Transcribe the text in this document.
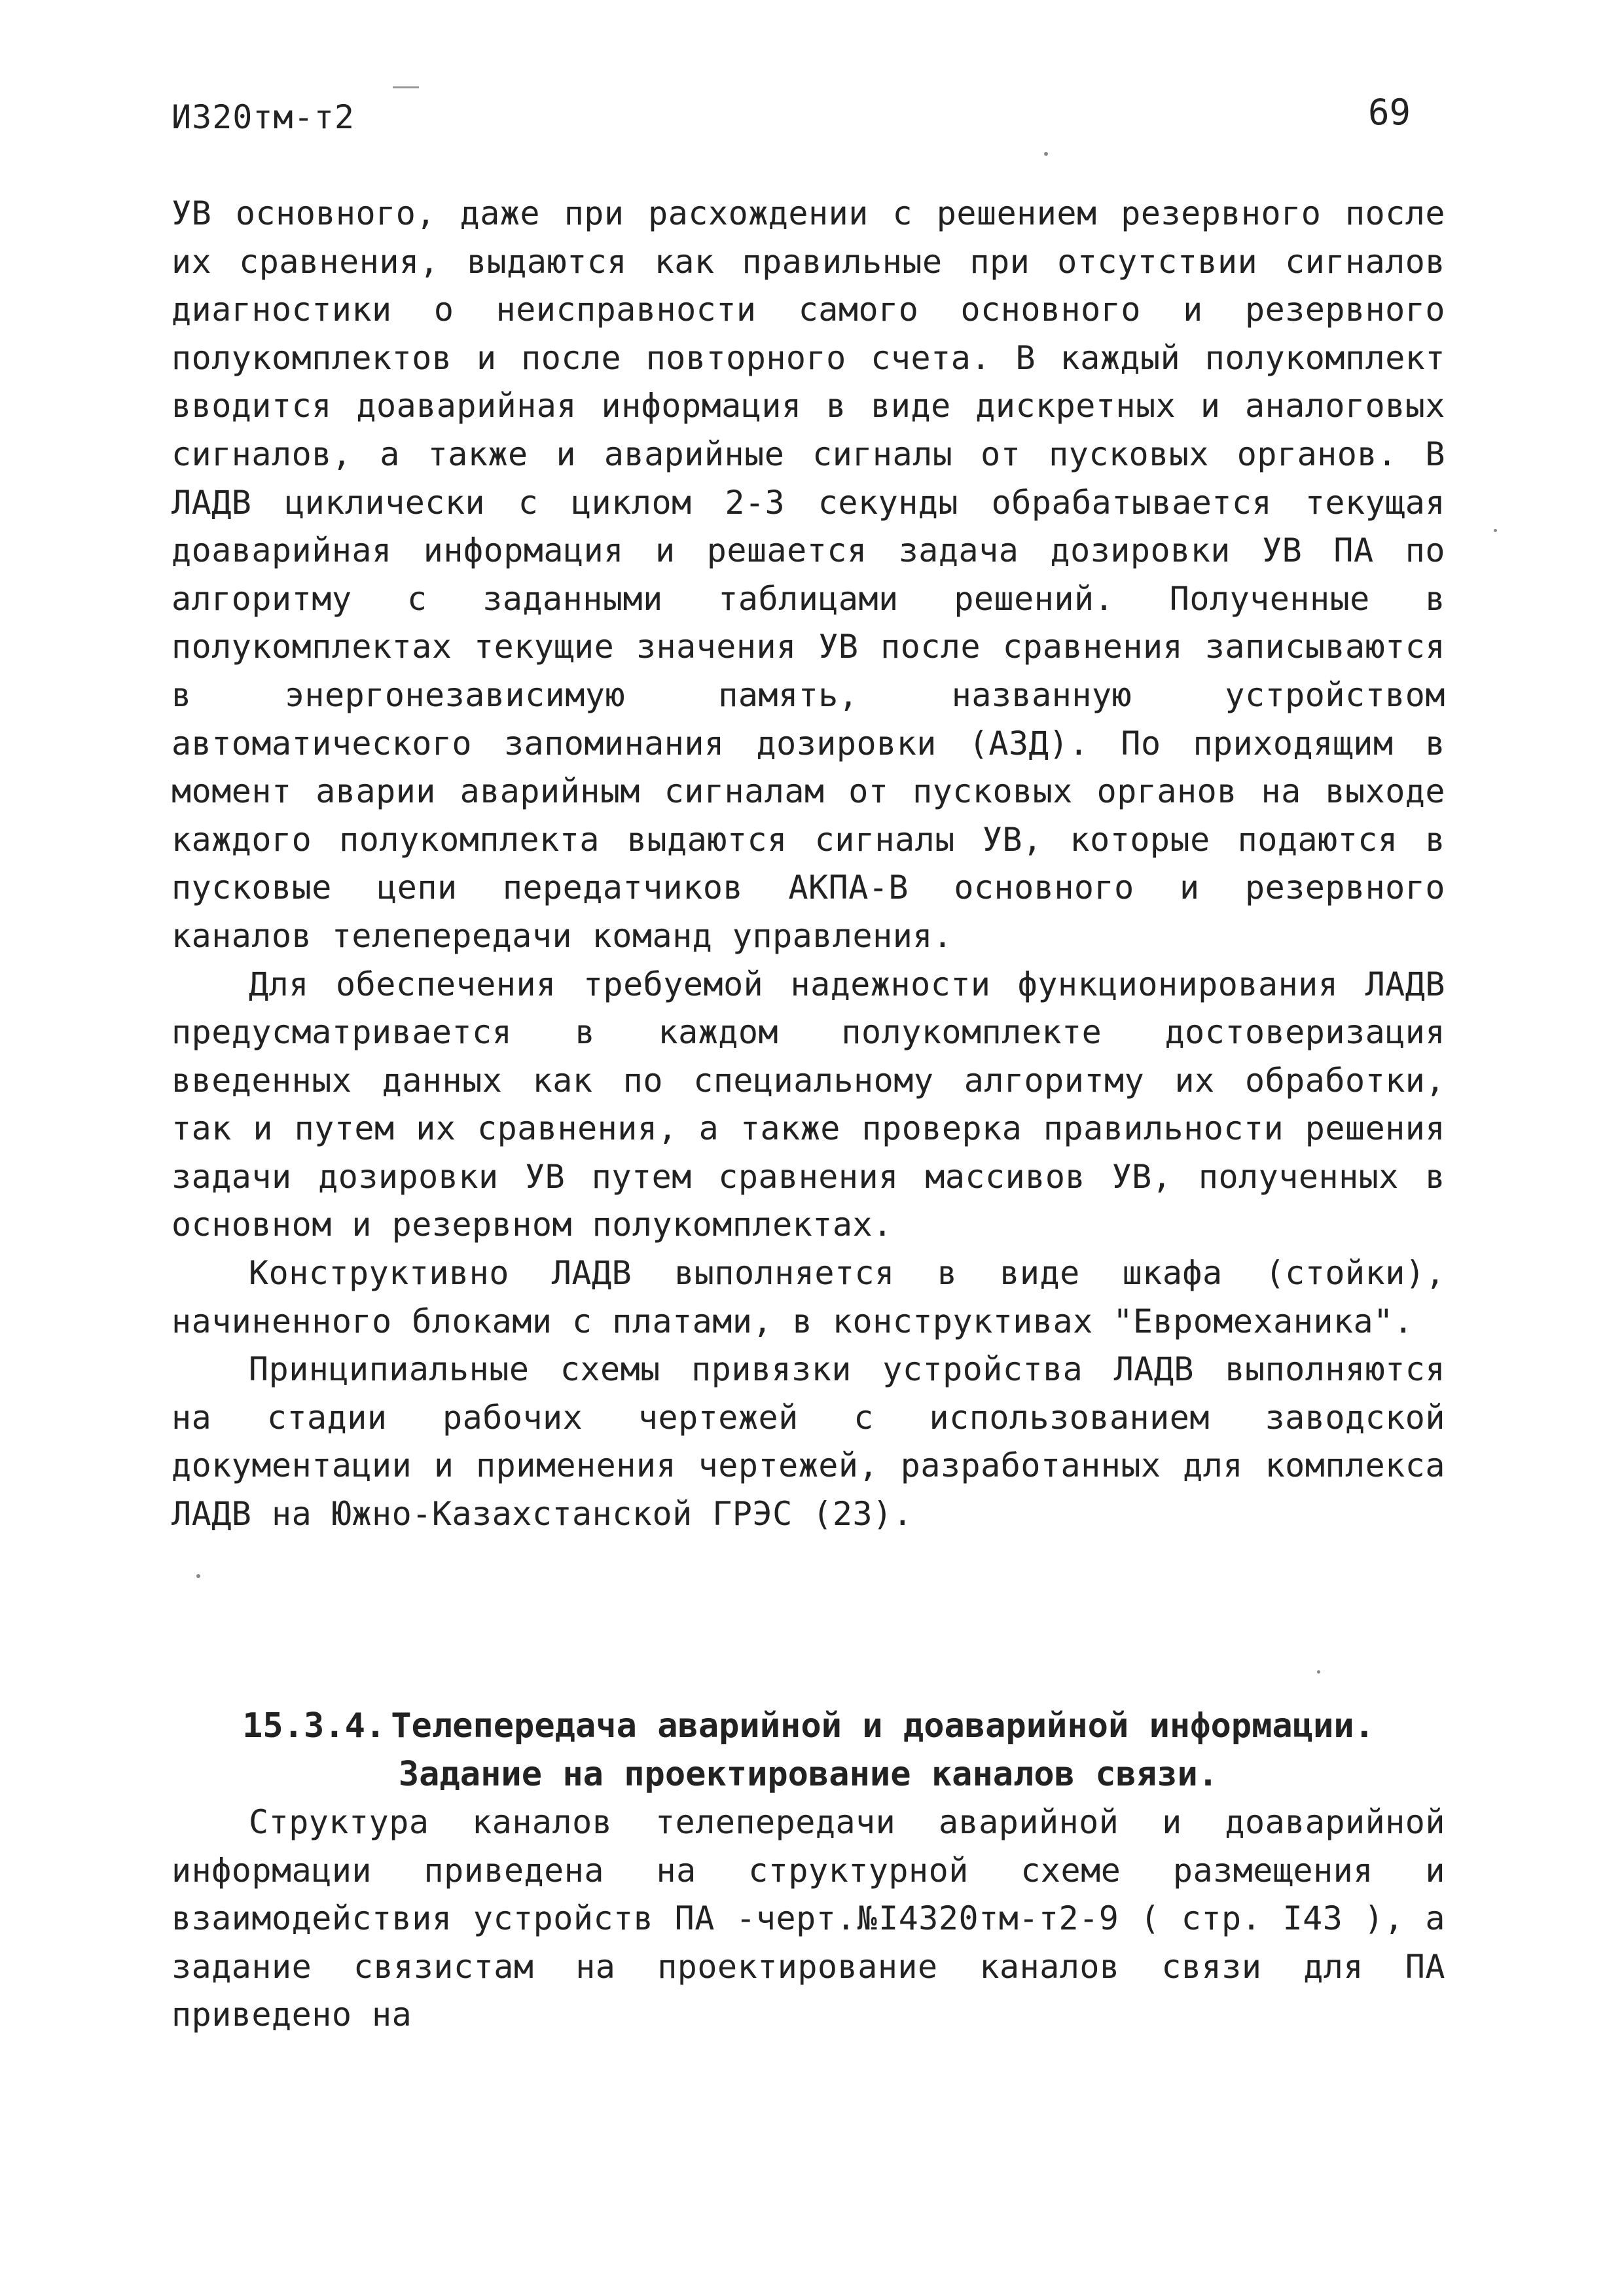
И320тм-т2	69

УВ основного, даже при расхождении с решением резервного после их сравнения, выдаются как правильные при отсутствии сигналов диагностики о неисправности самого основного и резервного полукомплектов и после повторного счета. В каждый полукомплект вводится доаварийная информация в виде дискретных и аналоговых сигналов, а также и аварийные сигналы от пусковых органов. В ЛАДВ циклически с циклом 2-3 секунды обрабатывается текущая доаварийная информация и решается задача дозировки УВ ПА по алгоритму с заданными таблицами решений. Полученные в полукомплектах текущие значения УВ после сравнения записываются в энергонезависимую память, названную устройством автоматического запоминания дозировки (АЗД). По приходящим в момент аварии аварийным сигналам от пусковых органов на выходе каждого полукомплекта выдаются сигналы УВ, которые подаются в пусковые цепи передатчиков АКПА-В основного и резервного каналов телепередачи команд управления.

Для обеспечения требуемой надежности функционирования ЛАДВ предусматривается в каждом полукомплекте достоверизация введенных данных как по специальному алгоритму их обработки, так и путем их сравнения, а также проверка правильности решения задачи дозировки УВ путем сравнения массивов УВ, полученных в основном и резервном полукомплектах.

Конструктивно ЛАДВ выполняется в виде шкафа (стойки), начиненного блоками с платами, в конструктивах "Евромеханика".

Принципиальные схемы привязки устройства ЛАДВ выполняются на стадии рабочих чертежей с использованием заводской документации и применения чертежей, разработанных для комплекса ЛАДВ на Южно-Казахстанской ГРЭС (23).

15.3.4. Телепередача аварийной и доаварийной информации.

Задание на проектирование каналов связи.

Структура каналов телепередачи аварийной и доаварийной информации приведена на структурной схеме размещения и взаимодействия устройств ПА -черт.№I4320тм-т2-9 ( стр. I43 ), а задание связистам на проектирование каналов связи для ПА приведено на
